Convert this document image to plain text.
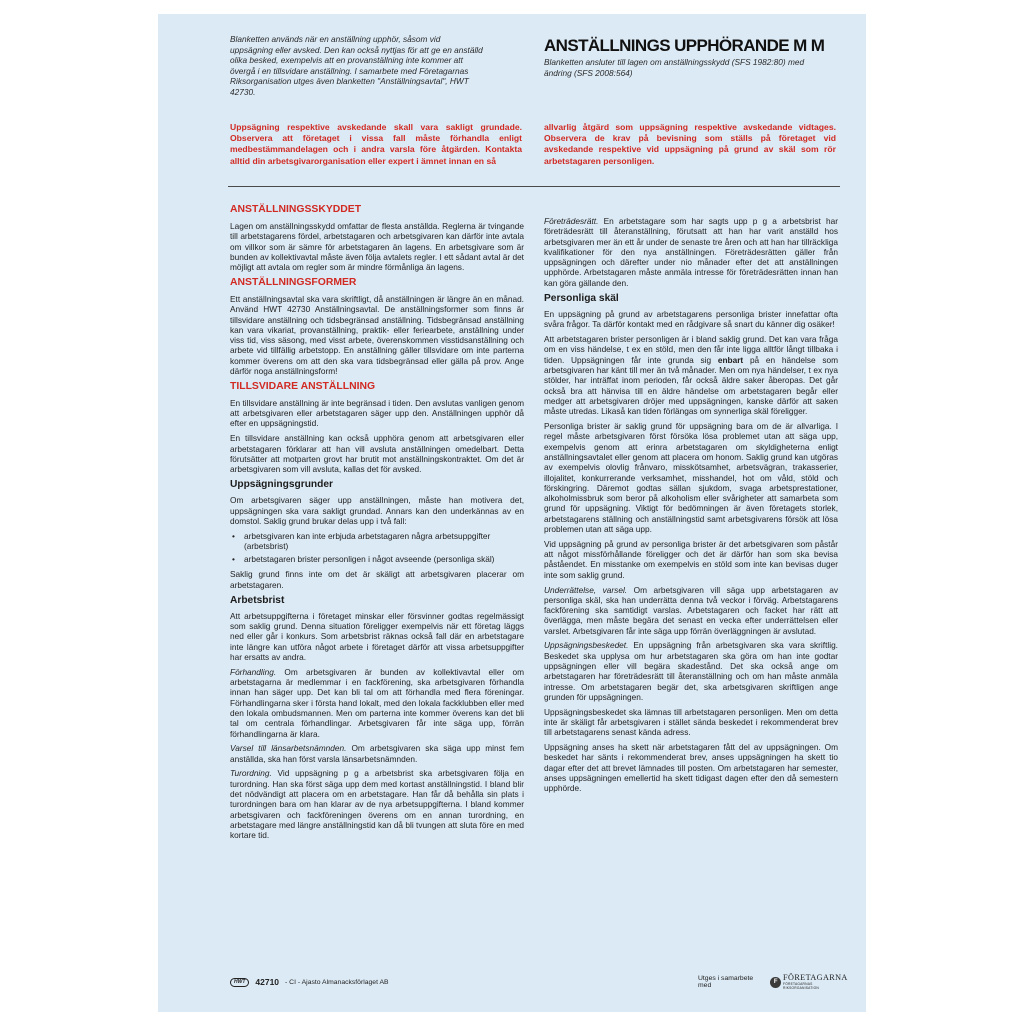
Blanketten används när en anställning upphör, såsom vid uppsägning eller avsked. Den kan också nyttjas för att ge en anställd olika besked, exempelvis att en provanställning inte kommer att övergå i en tillsvidare anställning. I samarbete med Företagarnas Riksorganisation utges även blanketten "Anställningsavtal", HWT 42730.
ANSTÄLLNINGS UPPHÖRANDE M M
Blanketten ansluter till lagen om anställningsskydd (SFS 1982:80) med ändring (SFS 2008:564)
Uppsägning respektive avskedande skall vara sakligt grundade. Observera att företaget i vissa fall måste förhandla enligt medbestämmandelagen och i andra varsla före åtgärden. Kontakta alltid din arbetsgivarorganisation eller expert i ämnet innan en så
allvarlig åtgärd som uppsägning respektive avskedande vidtages. Observera de krav på bevisning som ställs på företaget vid avskedande respektive vid uppsägning på grund av skäl som rör arbetstagaren personligen.
ANSTÄLLNINGSSKYDDET

Lagen om anställningsskydd omfattar de flesta anställda. Reglerna är tvingande till arbetstagarens fördel, arbetstagaren och arbetsgivaren kan därför inte avtala om villkor som är sämre för arbetstagaren än lagens. En arbetsgivare som är bunden av kollektivavtal måste även följa avtalets regler. I ett sådant avtal är det möjligt att avtala om regler som är mindre förmånliga än lagens.

ANSTÄLLNINGSFORMER

Ett anställningsavtal ska vara skriftligt, då anställningen är längre än en månad. Använd HWT 42730 Anställningsavtal. De anställningsformer som finns är tillsvidare anställning och tidsbegränsad anställning. Tidsbegränsad anställning kan vara vikariat, provanställning, praktik- eller feriearbete, anställning under viss tid, viss säsong, med visst arbete, överenskommen visstidsanställning och arbete vid tillfällig arbetstopp. En anställning gäller tillsvidare om inte parterna kommer överens om att den ska vara tidsbegränsad eller gälla på prov. Ange därför noga anställningsform!

TILLSVIDARE ANSTÄLLNING

En tillsvidare anställning är inte begränsad i tiden. Den avslutas vanligen genom att arbetsgivaren eller arbetstagaren säger upp den. Anställningen upphör då efter en uppsägningstid.

En tillsvidare anställning kan också upphöra genom att arbetsgivaren eller arbetstagaren förklarar att han vill avsluta anställningen omedelbart. Detta förutsätter att motparten grovt har brutit mot anställningskontraktet. Om det är arbetsgivaren som vill avsluta, kallas det för avsked.

Uppsägningsgrunder

Om arbetsgivaren säger upp anställningen, måste han motivera det, uppsägningen ska vara sakligt grundad. Annars kan den underkännas av en domstol. Saklig grund brukar delas upp i två fall:

• arbetsgivaren kan inte erbjuda arbetstagaren några arbetsuppgifter (arbetsbrist)
• arbetstagaren brister personligen i något avseende (personliga skäl)

Saklig grund finns inte om det är skäligt att arbetsgivaren placerar om arbetstagaren.

Arbetsbrist

Att arbetsuppgifterna i företaget minskar eller försvinner godtas regelmässigt som saklig grund. Denna situation föreligger exempelvis när ett företag läggs ned eller går i konkurs. Som arbetsbrist räknas också fall där en arbetstagare inte längre kan utföra något arbete i företaget därför att vissa arbetsuppgifter har ersatts av andra.

Förhandling. Om arbetsgivaren är bunden av kollektivavtal eller om arbetstagarna är medlemmar i en fackförening, ska arbetsgivaren förhandla innan han säger upp. Det kan bli tal om att förhandla med flera föreningar. Förhandlingarna sker i första hand lokalt, med den lokala fackklubben eller med den lokala ombudsmannen. Men om parterna inte kommer överens kan det bli tal om centrala förhandlingar. Arbetsgivaren får inte säga upp, förrän förhandlingarna är klara.

Varsel till länsarbetsnämnden. Om arbetsgivaren ska säga upp minst fem anställda, ska han först varsla länsarbetsnämnden.

Turordning. Vid uppsägning p g a arbetsbrist ska arbetsgivaren följa en turordning. Han ska först säga upp dem med kortast anställningstid. I bland blir det nödvändigt att placera om en arbetstagare. Han får då behålla sin plats i turordningen bara om han klarar av de nya arbetsuppgifterna. I bland kommer arbetsgivaren och fackföreningen överens om en annan turordning, en arbetstagare med längre anställningstid kan då bli tvungen att sluta före en med kortare tid.

Företrädesrätt. En arbetstagare som har sagts upp p g a arbetsbrist har företrädesrätt till återanställning, förutsatt att han har varit anställd hos arbetsgivaren mer än ett år under de senaste tre åren och att han har tillräckliga kvalifikationer för den nya anställningen. Företrädesrätten gäller från uppsägningen och därefter under nio månader efter det att anställningen upphörde. Arbetstagaren måste anmäla intresse för företrädesrätten innan han kan göra gällande den.

Personliga skäl

En uppsägning på grund av arbetstagarens personliga brister innefattar ofta svåra frågor. Ta därför kontakt med en rådgivare så snart du känner dig osäker!

Att arbetstagaren brister personligen är i bland saklig grund. Det kan vara fråga om en viss händelse, t ex en stöld, men den får inte ligga alltför långt tillbaka i tiden. Uppsägningen får inte grunda sig enbart på en händelse som arbetsgivaren har känt till mer än två månader. Men om nya händelser, t ex nya stölder, har inträffat inom perioden, får också äldre saker åberopas. Det går också bra att hänvisa till en äldre händelse om arbetstagaren begår eller medger att arbetsgivaren dröjer med uppsägningen, kanske därför att saken måste utredas. Likaså kan tiden förlängas om synnerliga skäl föreligger.

Personliga brister är saklig grund för uppsägning bara om de är allvarliga. I regel måste arbetsgivaren först försöka lösa problemet utan att säga upp, exempelvis genom att erinra arbetstagaren om skyldigheterna enligt anställningsavtalet eller genom att placera om honom. Saklig grund kan utgöras av exempelvis olovlig frånvaro, misskötsamhet, arbetsvägran, trakasserier, illojalitet, konkurrerande verksamhet, misshandel, hot om våld, stöld och förskingring. Däremot godtas sällan sjukdom, svaga arbetsprestationer, alkoholmissbruk som beror på alkoholism eller svårigheter att samarbeta som grund för uppsägning. Viktigt för bedömningen är även företagets storlek, arbetstagarens ställning och anställningstid samt arbetsgivarens försök att lösa problemen utan att säga upp.

Vid uppsägning på grund av personliga brister är det arbetsgivaren som påstår att något missförhållande föreligger och det är därför han som ska bevisa påståendet. En misstanke om exempelvis en stöld som inte kan bevisas duger inte som saklig grund.

Underrättelse, varsel. Om arbetsgivaren vill säga upp arbetstagaren av personliga skäl, ska han underrätta denna två veckor i förväg. Arbetstagarens fackförening ska samtidigt varslas. Arbetstagaren och facket har rätt att överlägga, men måste begära det senast en vecka efter underrättelsen eller varslet. Arbetsgivaren får inte säga upp förrän överläggningen är avslutad.

Uppsägningsbeskedet. En uppsägning från arbetsgivaren ska vara skriftlig. Beskedet ska upplysa om hur arbetstagaren ska göra om han inte godtar uppsägningen eller vill begära skadestånd. Det ska också ange om arbetstagaren har företrädesrätt till återanställning och om han måste anmäla intresse. Om arbetstagaren begär det, ska arbetsgivaren skriftligen ange grunden för uppsägningen.

Uppsägningsbeskedet ska lämnas till arbetstagaren personligen. Men om detta inte är skäligt får arbetsgivaren i stället sända beskedet i rekommenderat brev till arbetstagarens senast kända adress.

Uppsägning anses ha skett när arbetstagaren fått del av uppsägningen. Om beskedet har sänts i rekommenderat brev, anses uppsägningen ha skett tio dagar efter det att brevet lämnades till posten. Om arbetstagaren har semester, anses uppsägningen emellertid ha skett tidigast dagen efter den då semestern upphörde.

HWT	42710 - CI - Ajasto Almanacksförlaget AB	Utges i samarbete med	F FÖRETAGARNA
FÖRETAGARNAS RIKSORGANISATION
